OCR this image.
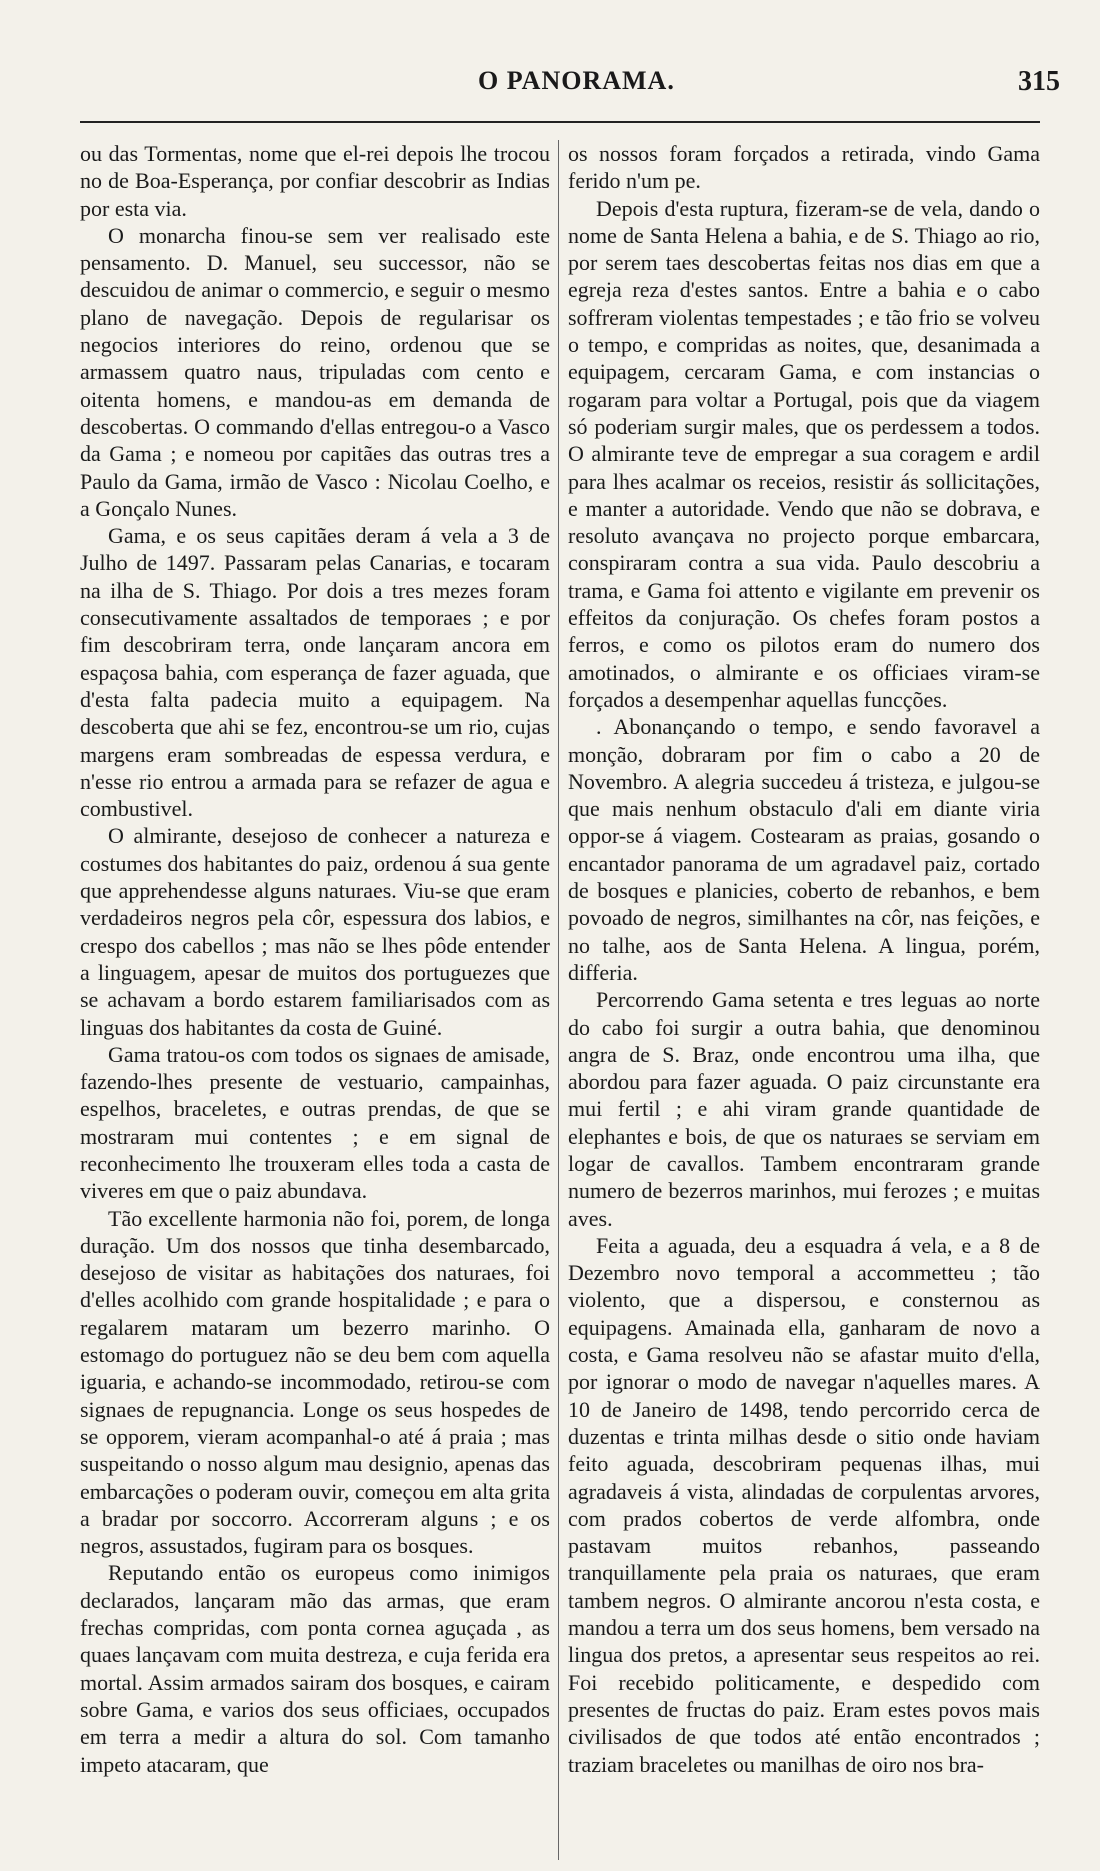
O PANORAMA.	315

ou das Tormentas, nome que el-rei depois lhe trocou no de Boa-Esperança, por confiar descobrir as Indias por esta via.

O monarcha finou-se sem ver realisado este pensamento. D. Manuel, seu successor, não se descuidou de animar o commercio, e seguir o mesmo plano de navegação. Depois de regularisar os negocios interiores do reino, ordenou que se armassem quatro naus, tripuladas com cento e oitenta homens, e mandou-as em demanda de descobertas. O commando d'ellas entregou-o a Vasco da Gama ; e nomeou por capitães das outras tres a Paulo da Gama, irmão de Vasco : Nicolau Coelho, e a Gonçalo Nunes.

Gama, e os seus capitães deram á vela a 3 de Julho de 1497. Passaram pelas Canarias, e tocaram na ilha de S. Thiago. Por dois a tres mezes foram consecutivamente assaltados de temporaes ; e por fim descobriram terra, onde lançaram ancora em espaçosa bahia, com esperança de fazer aguada, que d'esta falta padecia muito a equipagem. Na descoberta que ahi se fez, encontrou-se um rio, cujas margens eram sombreadas de espessa verdura, e n'esse rio entrou a armada para se refazer de agua e combustivel.

O almirante, desejoso de conhecer a natureza e costumes dos habitantes do paiz, ordenou á sua gente que apprehendesse alguns naturaes. Viu-se que eram verdadeiros negros pela côr, espessura dos labios, e crespo dos cabellos ; mas não se lhes pôde entender a linguagem, apesar de muitos dos portuguezes que se achavam a bordo estarem familiarisados com as linguas dos habitantes da costa de Guiné.

Gama tratou-os com todos os signaes de amisade, fazendo-lhes presente de vestuario, campainhas, espelhos, braceletes, e outras prendas, de que se mostraram mui contentes ; e em signal de reconhecimento lhe trouxeram elles toda a casta de viveres em que o paiz abundava.

Tão excellente harmonia não foi, porem, de longa duração. Um dos nossos que tinha desembarcado, desejoso de visitar as habitações dos naturaes, foi d'elles acolhido com grande hospitalidade ; e para o regalarem mataram um bezerro marinho. O estomago do portuguez não se deu bem com aquella iguaria, e achando-se incommodado, retirou-se com signaes de repugnancia. Longe os seus hospedes de se opporem, vieram acompanhal-o até á praia ; mas suspeitando o nosso algum mau designio, apenas das embarcações o poderam ouvir, começou em alta grita a bradar por soccorro. Accorreram alguns ; e os negros, assustados, fugiram para os bosques.

Reputando então os europeus como inimigos declarados, lançaram mão das armas, que eram frechas compridas, com ponta cornea aguçada , as quaes lançavam com muita destreza, e cuja ferida era mortal. Assim armados sairam dos bosques, e cairam sobre Gama, e varios dos seus officiaes, occupados em terra a medir a altura do sol. Com tamanho impeto atacaram, que

os nossos foram forçados a retirada, vindo Gama ferido n'um pe.

Depois d'esta ruptura, fizeram-se de vela, dando o nome de Santa Helena a bahia, e de S. Thiago ao rio, por serem taes descobertas feitas nos dias em que a egreja reza d'estes santos. Entre a bahia e o cabo soffreram violentas tempestades ; e tão frio se volveu o tempo, e compridas as noites, que, desanimada a equipagem, cercaram Gama, e com instancias o rogaram para voltar a Portugal, pois que da viagem só poderiam surgir males, que os perdessem a todos. O almirante teve de empregar a sua coragem e ardil para lhes acalmar os receios, resistir ás sollicitações, e manter a autoridade. Vendo que não se dobrava, e resoluto avançava no projecto porque embarcara, conspiraram contra a sua vida. Paulo descobriu a trama, e Gama foi attento e vigilante em prevenir os effeitos da conjuração. Os chefes foram postos a ferros, e como os pilotos eram do numero dos amotinados, o almirante e os officiaes viram-se forçados a desempenhar aquellas funcções.

. Abonançando o tempo, e sendo favoravel a monção, dobraram por fim o cabo a 20 de Novembro. A alegria succedeu á tristeza, e julgou-se que mais nenhum obstaculo d'ali em diante viria oppor-se á viagem. Costearam as praias, gosando o encantador panorama de um agradavel paiz, cortado de bosques e planicies, coberto de rebanhos, e bem povoado de negros, similhantes na côr, nas feições, e no talhe, aos de Santa Helena. A lingua, porém, differia.

Percorrendo Gama setenta e tres leguas ao norte do cabo foi surgir a outra bahia, que denominou angra de S. Braz, onde encontrou uma ilha, que abordou para fazer aguada. O paiz circunstante era mui fertil ; e ahi viram grande quantidade de elephantes e bois, de que os naturaes se serviam em logar de cavallos. Tambem encontraram grande numero de bezerros marinhos, mui ferozes ; e muitas aves.

Feita a aguada, deu a esquadra á vela, e a 8 de Dezembro novo temporal a accommetteu ; tão violento, que a dispersou, e consternou as equipagens. Amainada ella, ganharam de novo a costa, e Gama resolveu não se afastar muito d'ella, por ignorar o modo de navegar n'aquelles mares. A 10 de Janeiro de 1498, tendo percorrido cerca de duzentas e trinta milhas desde o sitio onde haviam feito aguada, descobriram pequenas ilhas, mui agradaveis á vista, alindadas de corpulentas arvores, com prados cobertos de verde alfombra, onde pastavam muitos rebanhos, passeando tranquillamente pela praia os naturaes, que eram tambem negros. O almirante ancorou n'esta costa, e mandou a terra um dos seus homens, bem versado na lingua dos pretos, a apresentar seus respeitos ao rei. Foi recebido politicamente, e despedido com presentes de fructas do paiz. Eram estes povos mais civilisados de que todos até então encontrados ; traziam braceletes ou manilhas de oiro nos bra-
